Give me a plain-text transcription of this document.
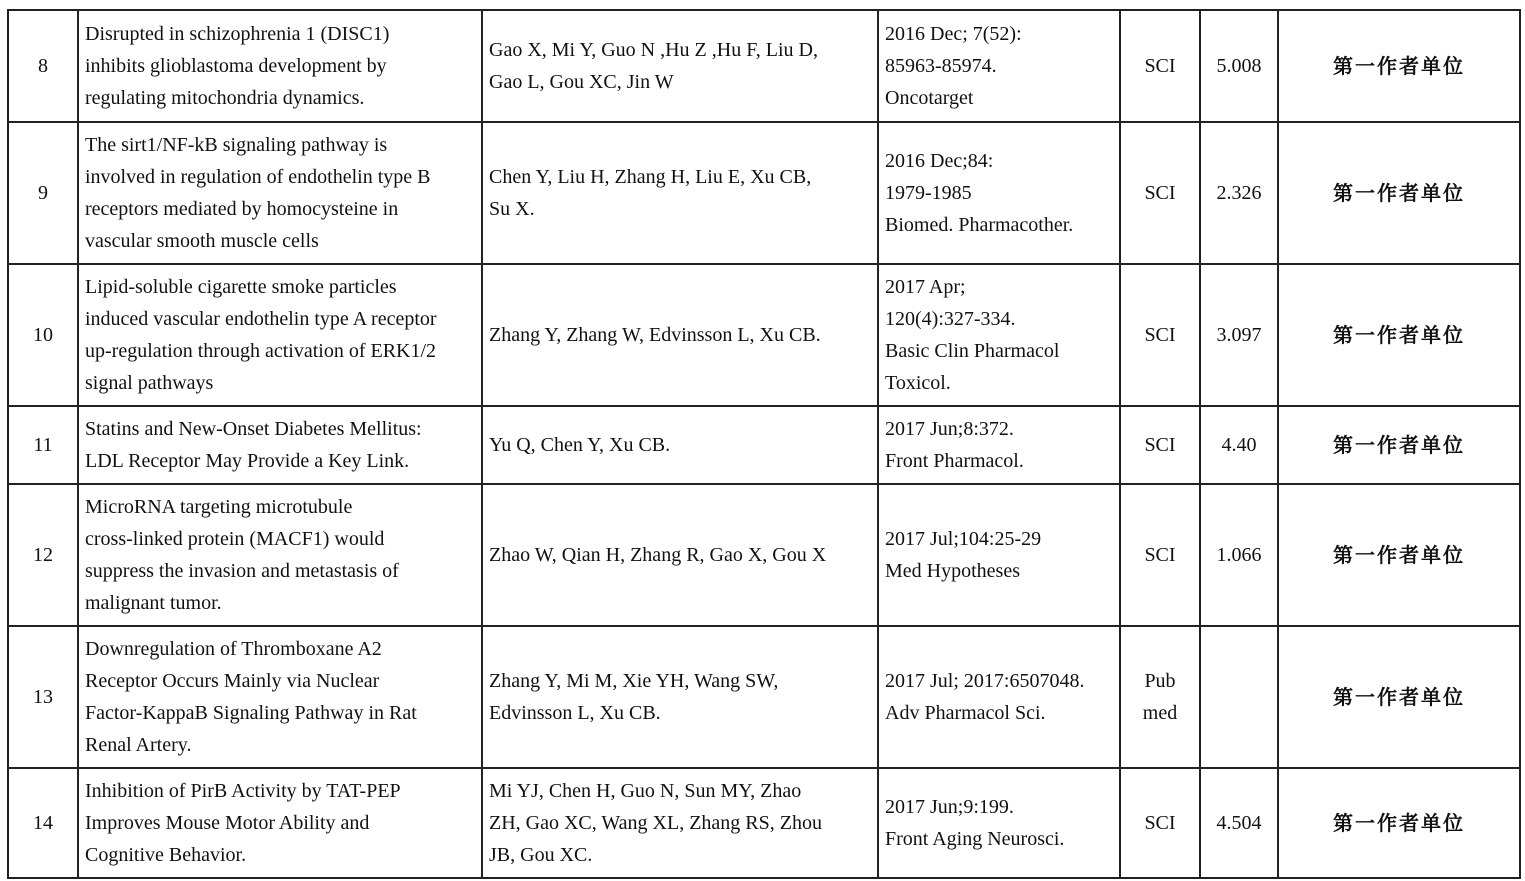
8	Disrupted in schizophrenia 1 (DISC1)
inhibits glioblastoma development by
regulating mitochondria dynamics.	Gao X, Mi Y, Guo N ,Hu Z ,Hu F, Liu D,
Gao L, Gou XC, Jin W	2016 Dec; 7(52):
85963-85974.
Oncotarget	SCI	5.008	第一作者单位

9	The sirt1/NF-kB signaling pathway is
involved in regulation of endothelin type B
receptors mediated by homocysteine in
vascular smooth muscle cells	Chen Y, Liu H, Zhang H, Liu E, Xu CB,
Su X.	2016 Dec;84:
1979-1985
Biomed. Pharmacother.	SCI	2.326	第一作者单位

10	Lipid-soluble cigarette smoke particles
induced vascular endothelin type A receptor
up-regulation through activation of ERK1/2
signal pathways	Zhang Y, Zhang W, Edvinsson L, Xu CB.	2017 Apr;
120(4):327-334.
Basic Clin Pharmacol
Toxicol.	SCI	3.097	第一作者单位

11	Statins and New-Onset Diabetes Mellitus:
LDL Receptor May Provide a Key Link.	Yu Q, Chen Y, Xu CB.	2017 Jun;8:372.
Front Pharmacol.	SCI	4.40	第一作者单位

12	MicroRNA targeting microtubule
cross-linked protein (MACF1) would
suppress the invasion and metastasis of
malignant tumor.	Zhao W, Qian H, Zhang R, Gao X, Gou X	2017 Jul;104:25-29
Med Hypotheses	SCI	1.066	第一作者单位

13	Downregulation of Thromboxane A2
Receptor Occurs Mainly via Nuclear
Factor-KappaB Signaling Pathway in Rat
Renal Artery.	Zhang Y, Mi M, Xie YH, Wang SW,
Edvinsson L, Xu CB.	2017 Jul; 2017:6507048.
Adv Pharmacol Sci.	Pub
med		第一作者单位

14	Inhibition of PirB Activity by TAT-PEP
Improves Mouse Motor Ability and
Cognitive Behavior.	Mi YJ, Chen H, Guo N, Sun MY, Zhao
ZH, Gao XC, Wang XL, Zhang RS, Zhou
JB, Gou XC.	2017 Jun;9:199.
Front Aging Neurosci.	SCI	4.504	第一作者单位
